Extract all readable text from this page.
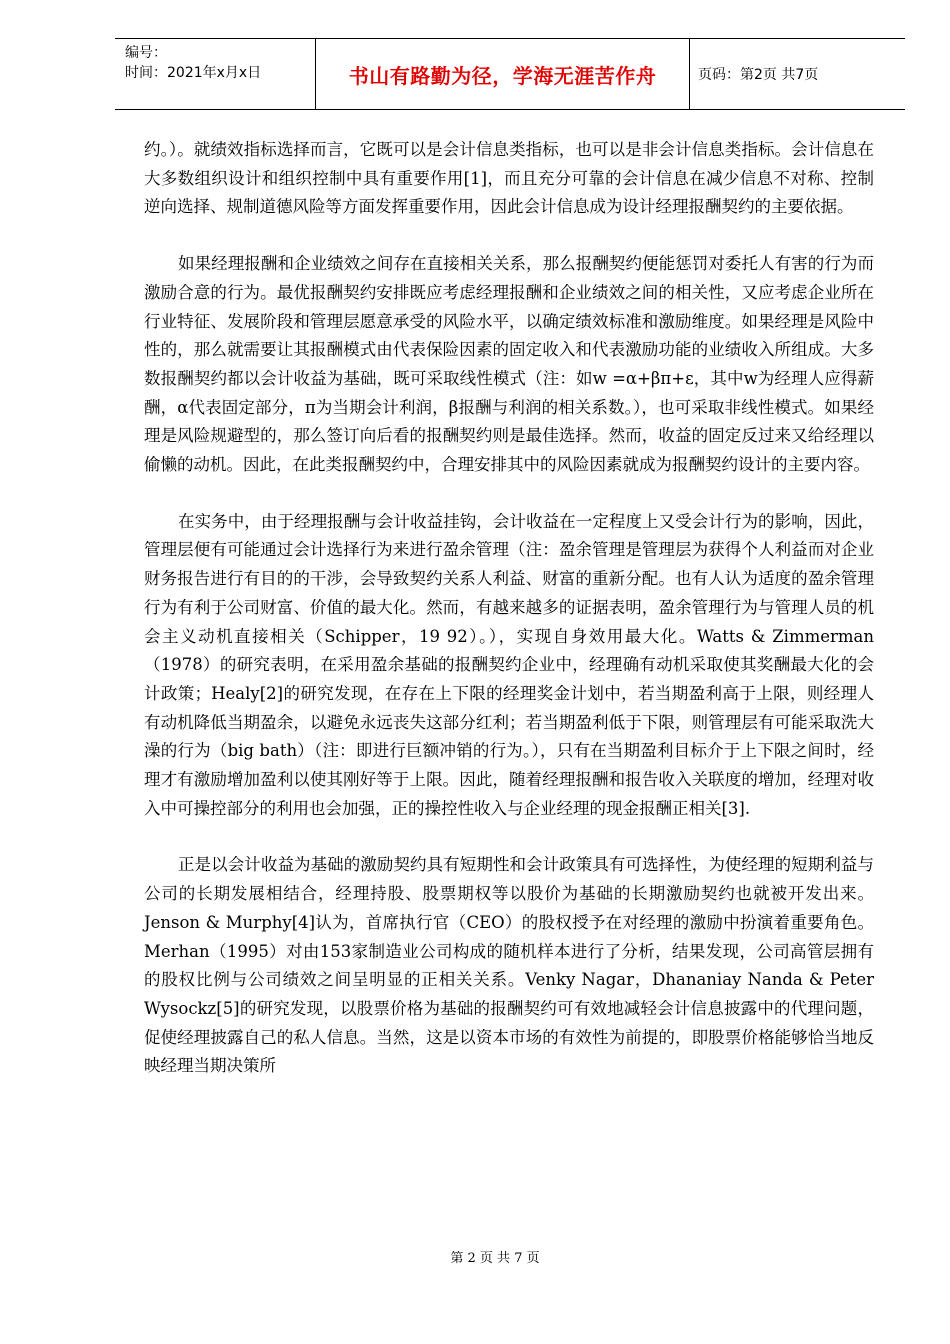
编号：
时间：2021年x月x日	书山有路勤为径，学海无涯苦作舟	页码：第2页 共7页

约。）。就绩效指标选择而言，它既可以是会计信息类指标，也可以是非会计信息类指标。会计信息在大多数组织设计和组织控制中具有重要作用[1]，而且充分可靠的会计信息在减少信息不对称、控制逆向选择、规制道德风险等方面发挥重要作用，因此会计信息成为设计经理报酬契约的主要依据。

如果经理报酬和企业绩效之间存在直接相关关系，那么报酬契约便能惩罚对委托人有害的行为而激励合意的行为。最优报酬契约安排既应考虑经理报酬和企业绩效之间的相关性，又应考虑企业所在行业特征、发展阶段和管理层愿意承受的风险水平，以确定绩效标准和激励维度。如果经理是风险中性的，那么就需要让其报酬模式由代表保险因素的固定收入和代表激励功能的业绩收入所组成。大多数报酬契约都以会计收益为基础，既可采取线性模式（注：如w =α+βπ+ε，其中w为经理人应得薪酬，α代表固定部分，π为当期会计利润，β报酬与利润的相关系数。），也可采取非线性模式。如果经理是风险规避型的，那么签订向后看的报酬契约则是最佳选择。然而，收益的固定反过来又给经理以偷懒的动机。因此，在此类报酬契约中，合理安排其中的风险因素就成为报酬契约设计的主要内容。

在实务中，由于经理报酬与会计收益挂钩，会计收益在一定程度上又受会计行为的影响，因此，管理层便有可能通过会计选择行为来进行盈余管理（注：盈余管理是管理层为获得个人利益而对企业财务报告进行有目的的干涉，会导致契约关系人利益、财富的重新分配。也有人认为适度的盈余管理行为有利于公司财富、价值的最大化。然而，有越来越多的证据表明，盈余管理行为与管理人员的机会主义动机直接相关（Schipper，19 92）。），实现自身效用最大化。Watts & Zimmerman（1978）的研究表明，在采用盈余基础的报酬契约企业中，经理确有动机采取使其奖酬最大化的会计政策；Healy[2]的研究发现，在存在上下限的经理奖金计划中，若当期盈利高于上限，则经理人有动机降低当期盈余，以避免永远丧失这部分红利；若当期盈利低于下限，则管理层有可能采取洗大澡的行为（big bath）（注：即进行巨额冲销的行为。），只有在当期盈利目标介于上下限之间时，经理才有激励增加盈利以使其刚好等于上限。因此，随着经理报酬和报告收入关联度的增加，经理对收入中可操控部分的利用也会加强，正的操控性收入与企业经理的现金报酬正相关[3].

正是以会计收益为基础的激励契约具有短期性和会计政策具有可选择性，为使经理的短期利益与公司的长期发展相结合，经理持股、股票期权等以股价为基础的长期激励契约也就被开发出来。Jenson & Murphy[4]认为，首席执行官（CEO）的股权授予在对经理的激励中扮演着重要角色。Merhan（1995）对由153家制造业公司构成的随机样本进行了分析，结果发现，公司高管层拥有的股权比例与公司绩效之间呈明显的正相关关系。Venky Nagar，Dhananiay Nanda & Peter Wysockz[5]的研究发现，以股票价格为基础的报酬契约可有效地减轻会计信息披露中的代理问题，促使经理披露自己的私人信息。当然，这是以资本市场的有效性为前提的，即股票价格能够恰当地反映经理当期决策所

第 2 页 共 7 页
